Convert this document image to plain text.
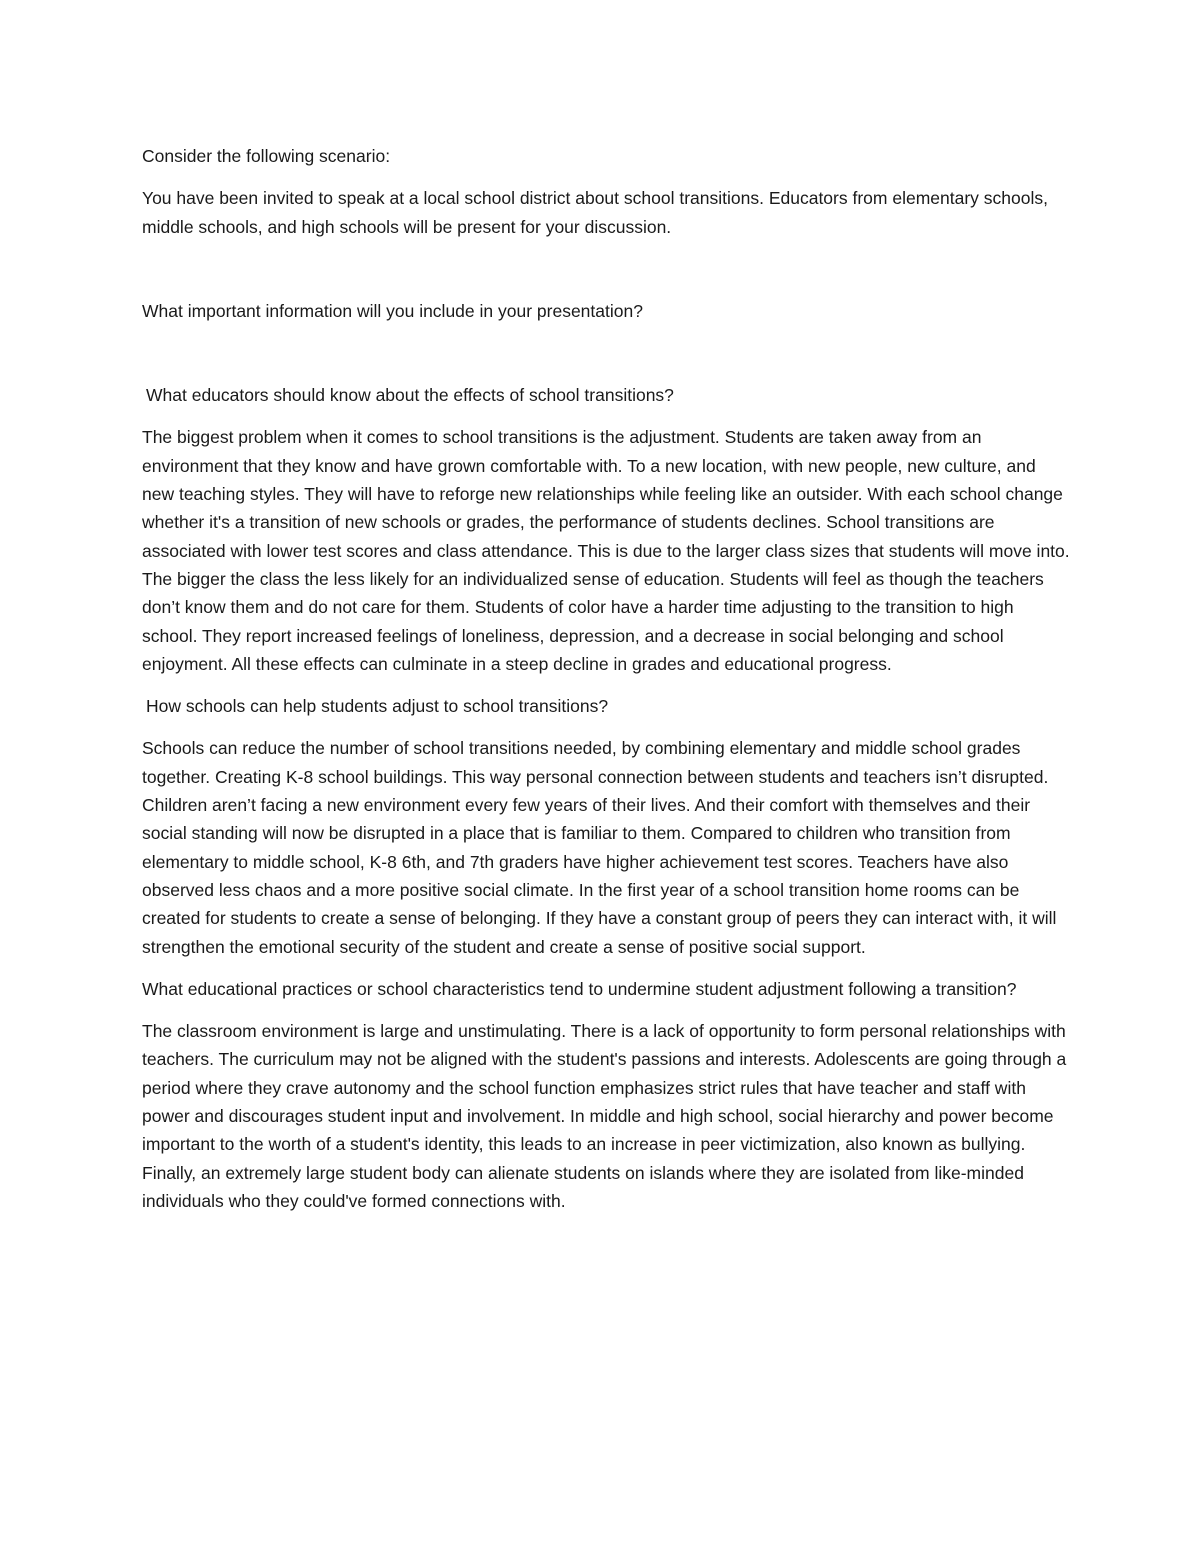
Consider the following scenario:

You have been invited to speak at a local school district about school transitions. Educators from elementary schools, middle schools, and high schools will be present for your discussion.

What important information will you include in your presentation?

What educators should know about the effects of school transitions?

The biggest problem when it comes to school transitions is the adjustment. Students are taken away from an environment that they know and have grown comfortable with. To a new location, with new people, new culture, and new teaching styles. They will have to reforge new relationships while feeling like an outsider. With each school change whether it's a transition of new schools or grades, the performance of students declines. School transitions are associated with lower test scores and class attendance. This is due to the larger class sizes that students will move into. The bigger the class the less likely for an individualized sense of education. Students will feel as though the teachers don’t know them and do not care for them. Students of color have a harder time adjusting to the transition to high school. They report increased feelings of loneliness, depression, and a decrease in social belonging and school enjoyment. All these effects can culminate in a steep decline in grades and educational progress.

How schools can help students adjust to school transitions?

Schools can reduce the number of school transitions needed, by combining elementary and middle school grades together. Creating K-8 school buildings. This way personal connection between students and teachers isn’t disrupted. Children aren’t facing a new environment every few years of their lives. And their comfort with themselves and their social standing will now be disrupted in a place that is familiar to them. Compared to children who transition from elementary to middle school, K-8 6th, and 7th graders have higher achievement test scores. Teachers have also observed less chaos and a more positive social climate. In the first year of a school transition home rooms can be created for students to create a sense of belonging. If they have a constant group of peers they can interact with, it will strengthen the emotional security of the student and create a sense of positive social support.

What educational practices or school characteristics tend to undermine student adjustment following a transition?

The classroom environment is large and unstimulating. There is a lack of opportunity to form personal relationships with teachers. The curriculum may not be aligned with the student's passions and interests. Adolescents are going through a period where they crave autonomy and the school function emphasizes strict rules that have teacher and staff with power and discourages student input and involvement. In middle and high school, social hierarchy and power become important to the worth of a student's identity, this leads to an increase in peer victimization, also known as bullying. Finally, an extremely large student body can alienate students on islands where they are isolated from like-minded individuals who they could've formed connections with.
